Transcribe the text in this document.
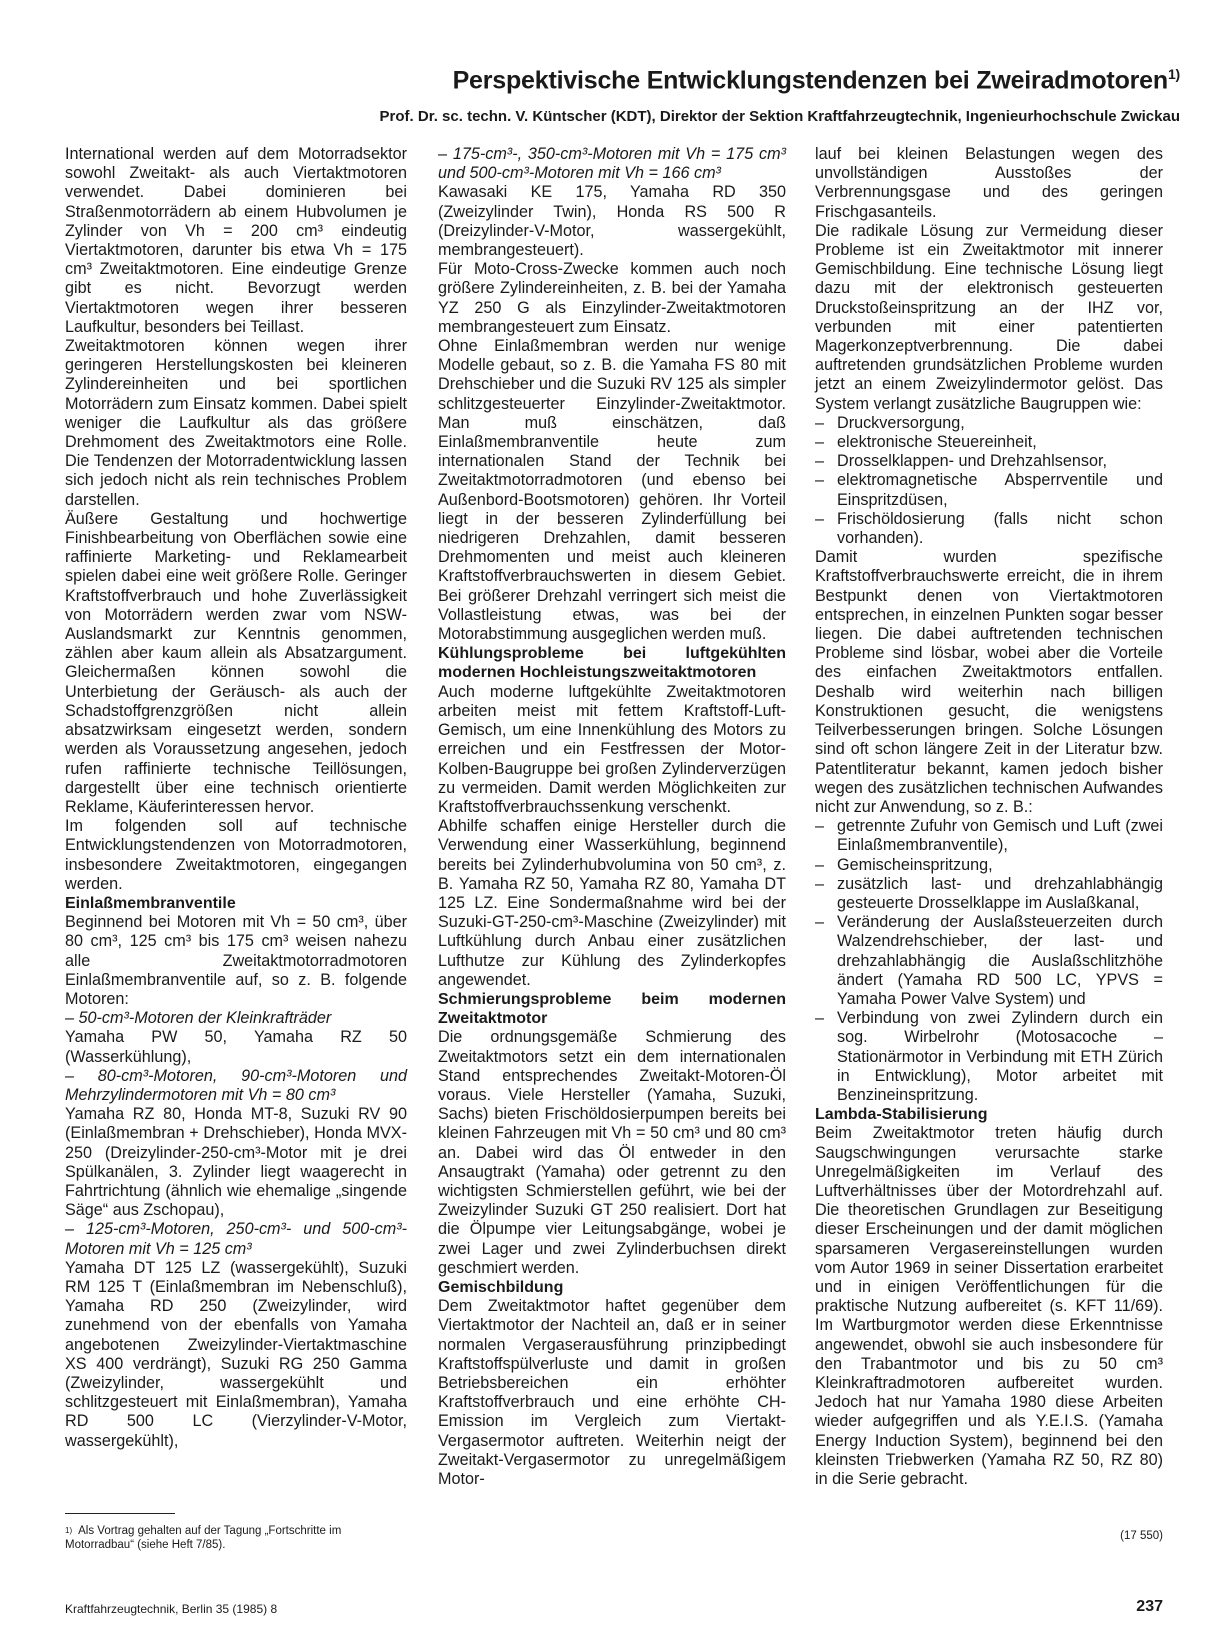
Perspektivische Entwicklungstendenzen bei Zweiradmotoren$^{1)}$
Prof. Dr. sc. techn. V. Küntscher (KDT), Direktor der Sektion Kraftfahrzeugtechnik, Ingenieurhochschule Zwickau

International werden auf dem Motorradsektor sowohl Zweitakt- als auch Viertaktmotoren verwendet. Dabei dominieren bei Straßenmotorrädern ab einem Hubvolumen je Zylinder von Vh = 200 cm³ eindeutig Viertaktmotoren, darunter bis etwa Vh = 175 cm³ Zweitaktmotoren. Eine eindeutige Grenze gibt es nicht. Bevorzugt werden Viertaktmotoren wegen ihrer besseren Laufkultur, besonders bei Teillast.

Zweitaktmotoren können wegen ihrer geringeren Herstellungskosten bei kleineren Zylindereinheiten und bei sportlichen Motorrädern zum Einsatz kommen. Dabei spielt weniger die Laufkultur als das größere Drehmoment des Zweitaktmotors eine Rolle. Die Tendenzen der Motorradentwicklung lassen sich jedoch nicht als rein technisches Problem darstellen.

Äußere Gestaltung und hochwertige Finishbearbeitung von Oberflächen sowie eine raffinierte Marketing- und Reklamearbeit spielen dabei eine weit größere Rolle. Geringer Kraftstoffverbrauch und hohe Zuverlässigkeit von Motorrädern werden zwar vom NSW-Auslandsmarkt zur Kenntnis genommen, zählen aber kaum allein als Absatzargument. Gleichermaßen können sowohl die Unterbietung der Geräusch- als auch der Schadstoffgrenzgrößen nicht allein absatzwirksam eingesetzt werden, sondern werden als Voraussetzung angesehen, jedoch rufen raffinierte technische Teillösungen, dargestellt über eine technisch orientierte Reklame, Käuferinteressen hervor.

Im folgenden soll auf technische Entwicklungstendenzen von Motorradmotoren, insbesondere Zweitaktmotoren, eingegangen werden.

Einlaßmembranventile

Beginnend bei Motoren mit Vh = 50 cm³, über 80 cm³, 125 cm³ bis 175 cm³ weisen nahezu alle Zweitaktmotorradmotoren Einlaßmembranventile auf, so z. B. folgende Motoren:

– 50-cm³-Motoren der Kleinkrafträder

Yamaha PW 50, Yamaha RZ 50 (Wasserkühlung),

– 80-cm³-Motoren, 90-cm³-Motoren und Mehrzylindermotoren mit Vh = 80 cm³

Yamaha RZ 80, Honda MT-8, Suzuki RV 90 (Einlaßmembran + Drehschieber), Honda MVX-250 (Dreizylinder-250-cm³-Motor mit je drei Spülkanälen, 3. Zylinder liegt waagerecht in Fahrtrichtung (ähnlich wie ehemalige „singende Säge“ aus Zschopau),

– 125-cm³-Motoren, 250-cm³- und 500-cm³-Motoren mit Vh = 125 cm³

Yamaha DT 125 LZ (wassergekühlt), Suzuki RM 125 T (Einlaßmembran im Nebenschluß), Yamaha RD 250 (Zweizylinder, wird zunehmend von der ebenfalls von Yamaha angebotenen Zweizylinder-Viertaktmaschine XS 400 verdrängt), Suzuki RG 250 Gamma (Zweizylinder, wassergekühlt und schlitzgesteuert mit Einlaßmembran), Yamaha RD 500 LC (Vierzylinder-V-Motor, wassergekühlt),

– 175-cm³-, 350-cm³-Motoren mit Vh = 175 cm³ und 500-cm³-Motoren mit Vh = 166 cm³

Kawasaki KE 175, Yamaha RD 350 (Zweizylinder Twin), Honda RS 500 R (Dreizylinder-V-Motor, wassergekühlt, membrangesteuert).

Für Moto-Cross-Zwecke kommen auch noch größere Zylindereinheiten, z. B. bei der Yamaha YZ 250 G als Einzylinder-Zweitaktmotoren membrangesteuert zum Einsatz.

Ohne Einlaßmembran werden nur wenige Modelle gebaut, so z. B. die Yamaha FS 80 mit Drehschieber und die Suzuki RV 125 als simpler schlitzgesteuerter Einzylinder-Zweitaktmotor. Man muß einschätzen, daß Einlaßmembranventile heute zum internationalen Stand der Technik bei Zweitaktmotorradmotoren (und ebenso bei Außenbord-Bootsmotoren) gehören. Ihr Vorteil liegt in der besseren Zylinderfüllung bei niedrigeren Drehzahlen, damit besseren Drehmomenten und meist auch kleineren Kraftstoffverbrauchswerten in diesem Gebiet. Bei größerer Drehzahl verringert sich meist die Vollastleistung etwas, was bei der Motorabstimmung ausgeglichen werden muß.

Kühlungsprobleme bei luftgekühlten modernen Hochleistungszweitaktmotoren

Auch moderne luftgekühlte Zweitaktmotoren arbeiten meist mit fettem Kraftstoff-Luft-Gemisch, um eine Innenkühlung des Motors zu erreichen und ein Festfressen der Motor-Kolben-Baugruppe bei großen Zylinderverzügen zu vermeiden. Damit werden Möglichkeiten zur Kraftstoffverbrauchssenkung verschenkt.

Abhilfe schaffen einige Hersteller durch die Verwendung einer Wasserkühlung, beginnend bereits bei Zylinderhubvolumina von 50 cm³, z. B. Yamaha RZ 50, Yamaha RZ 80, Yamaha DT 125 LZ. Eine Sondermaßnahme wird bei der Suzuki-GT-250-cm³-Maschine (Zweizylinder) mit Luftkühlung durch Anbau einer zusätzlichen Lufthutze zur Kühlung des Zylinderkopfes angewendet.

Schmierungsprobleme beim modernen Zweitaktmotor

Die ordnungsgemäße Schmierung des Zweitaktmotors setzt ein dem internationalen Stand entsprechendes Zweitakt-Motoren-Öl voraus. Viele Hersteller (Yamaha, Suzuki, Sachs) bieten Frischöldosierpumpen bereits bei kleinen Fahrzeugen mit Vh = 50 cm³ und 80 cm³ an. Dabei wird das Öl entweder in den Ansaugtrakt (Yamaha) oder getrennt zu den wichtigsten Schmierstellen geführt, wie bei der Zweizylinder Suzuki GT 250 realisiert. Dort hat die Ölpumpe vier Leitungsabgänge, wobei je zwei Lager und zwei Zylinderbuchsen direkt geschmiert werden.

Gemischbildung

Dem Zweitaktmotor haftet gegenüber dem Viertaktmotor der Nachteil an, daß er in seiner normalen Vergaserausführung prinzipbedingt Kraftstoffspülverluste und damit in großen Betriebsbereichen ein erhöhter Kraftstoffverbrauch und eine erhöhte CH-Emission im Vergleich zum Viertakt-Vergasermotor auftreten. Weiterhin neigt der Zweitakt-Vergasermotor zu unregelmäßigem Motor-

lauf bei kleinen Belastungen wegen des unvollständigen Ausstoßes der Verbrennungsgase und des geringen Frischgasanteils.

Die radikale Lösung zur Vermeidung dieser Probleme ist ein Zweitaktmotor mit innerer Gemischbildung. Eine technische Lösung liegt dazu mit der elektronisch gesteuerten Druckstoßeinspritzung an der IHZ vor, verbunden mit einer patentierten Magerkonzeptverbrennung. Die dabei auftretenden grundsätzlichen Probleme wurden jetzt an einem Zweizylindermotor gelöst. Das System verlangt zusätzliche Baugruppen wie:

– Druckversorgung,
– elektronische Steuereinheit,
– Drosselklappen- und Drehzahlsensor,
– elektromagnetische Absperrventile und Einspritzdüsen,
– Frischöldosierung (falls nicht schon vorhanden).

Damit wurden spezifische Kraftstoffverbrauchswerte erreicht, die in ihrem Bestpunkt denen von Viertaktmotoren entsprechen, in einzelnen Punkten sogar besser liegen. Die dabei auftretenden technischen Probleme sind lösbar, wobei aber die Vorteile des einfachen Zweitaktmotors entfallen. Deshalb wird weiterhin nach billigen Konstruktionen gesucht, die wenigstens Teilverbesserungen bringen. Solche Lösungen sind oft schon längere Zeit in der Literatur bzw. Patentliteratur bekannt, kamen jedoch bisher wegen des zusätzlichen technischen Aufwandes nicht zur Anwendung, so z. B.:

– getrennte Zufuhr von Gemisch und Luft (zwei Einlaßmembranventile),
– Gemischeinspritzung,
– zusätzlich last- und drehzahlabhängig gesteuerte Drosselklappe im Auslaßkanal,
– Veränderung der Auslaßsteuerzeiten durch Walzendrehschieber, der last- und drehzahlabhängig die Auslaßschlitzhöhe ändert (Yamaha RD 500 LC, YPVS = Yamaha Power Valve System) und
– Verbindung von zwei Zylindern durch ein sog. Wirbelrohr (Motosacoche – Stationärmotor in Verbindung mit ETH Zürich in Entwicklung), Motor arbeitet mit Benzineinspritzung.
Lambda-Stabilisierung

Beim Zweitaktmotor treten häufig durch Saugschwingungen verursachte starke Unregelmäßigkeiten im Verlauf des Luftverhältnisses über der Motordrehzahl auf. Die theoretischen Grundlagen zur Beseitigung dieser Erscheinungen und der damit möglichen sparsameren Vergasereinstellungen wurden vom Autor 1969 in seiner Dissertation erarbeitet und in einigen Veröffentlichungen für die praktische Nutzung aufbereitet (s. KFT 11/69). Im Wartburgmotor werden diese Erkenntnisse angewendet, obwohl sie auch insbesondere für den Trabantmotor und bis zu 50 cm³ Kleinkraftradmotoren aufbereitet wurden. Jedoch hat nur Yamaha 1980 diese Arbeiten wieder aufgegriffen und als Y.E.I.S. (Yamaha Energy Induction System), beginnend bei den kleinsten Triebwerken (Yamaha RZ 50, RZ 80) in die Serie gebracht.

$^{1)}$ Als Vortrag gehalten auf der Tagung „Fortschritte im Motorradbau“ (siehe Heft 7/85).
(17 550)
Kraftfahrzeugtechnik, Berlin 35 (1985) 8	237
